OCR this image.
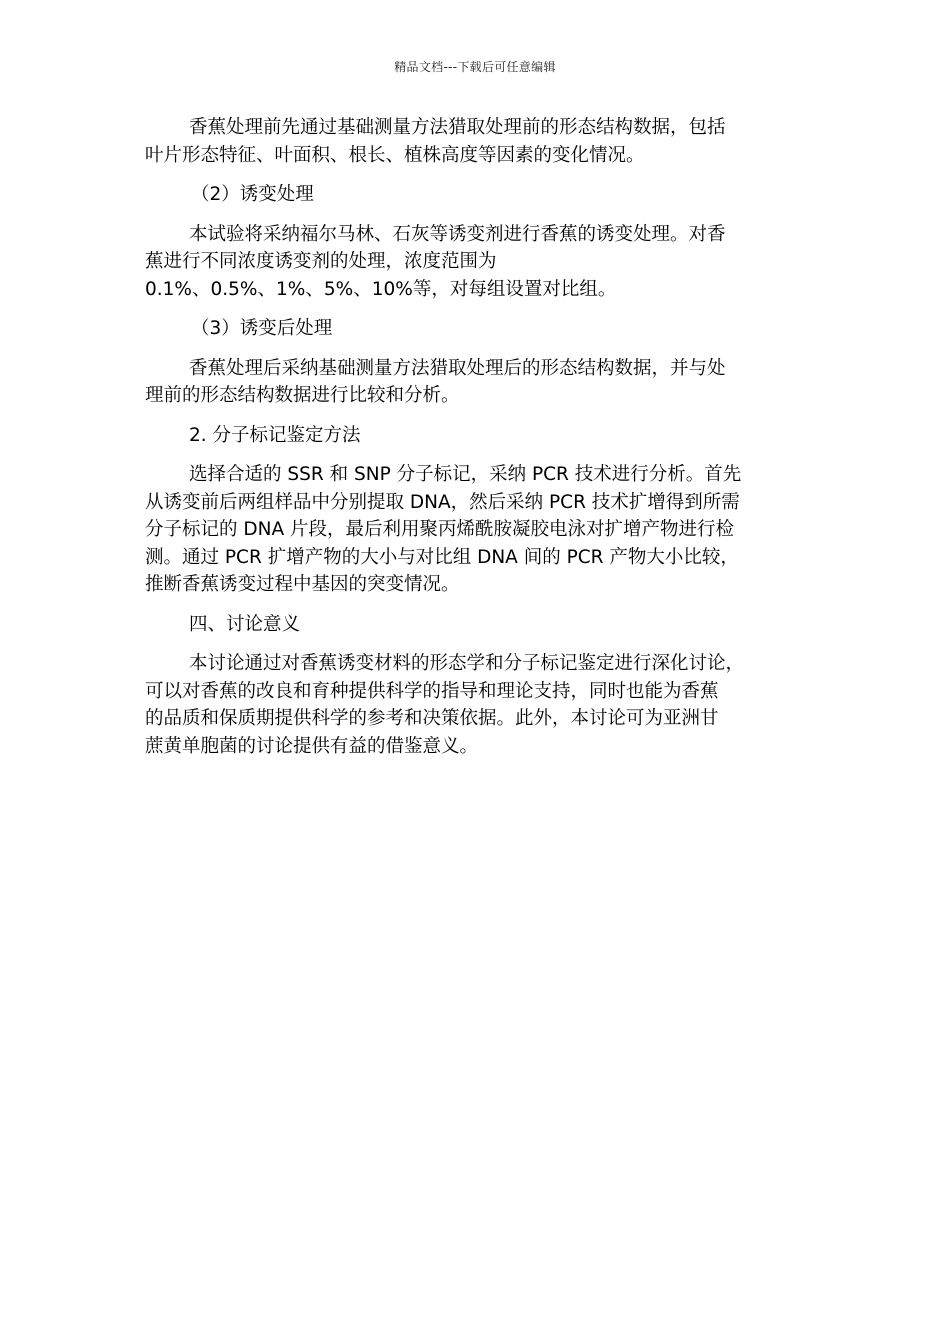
精品文档---下载后可任意编辑
香蕉处理前先通过基础测量方法猎取处理前的形态结构数据，包括
叶片形态特征、叶面积、根长、植株高度等因素的变化情况。
（2）诱变处理
本试验将采纳福尔马林、石灰等诱变剂进行香蕉的诱变处理。对香
蕉进行不同浓度诱变剂的处理，浓度范围为
0.1%、0.5%、1%、5%、10%等，对每组设置对比组。
（3）诱变后处理
香蕉处理后采纳基础测量方法猎取处理后的形态结构数据，并与处
理前的形态结构数据进行比较和分析。
2. 分子标记鉴定方法
选择合适的 SSR 和 SNP 分子标记，采纳 PCR 技术进行分析。首先
从诱变前后两组样品中分别提取 DNA，然后采纳 PCR 技术扩增得到所需
分子标记的 DNA 片段，最后利用聚丙烯酰胺凝胶电泳对扩增产物进行检
测。通过 PCR 扩增产物的大小与对比组 DNA 间的 PCR 产物大小比较，
推断香蕉诱变过程中基因的突变情况。
四、讨论意义
本讨论通过对香蕉诱变材料的形态学和分子标记鉴定进行深化讨论，
可以对香蕉的改良和育种提供科学的指导和理论支持，同时也能为香蕉
的品质和保质期提供科学的参考和决策依据。此外，本讨论可为亚洲甘
蔗黄单胞菌的讨论提供有益的借鉴意义。
